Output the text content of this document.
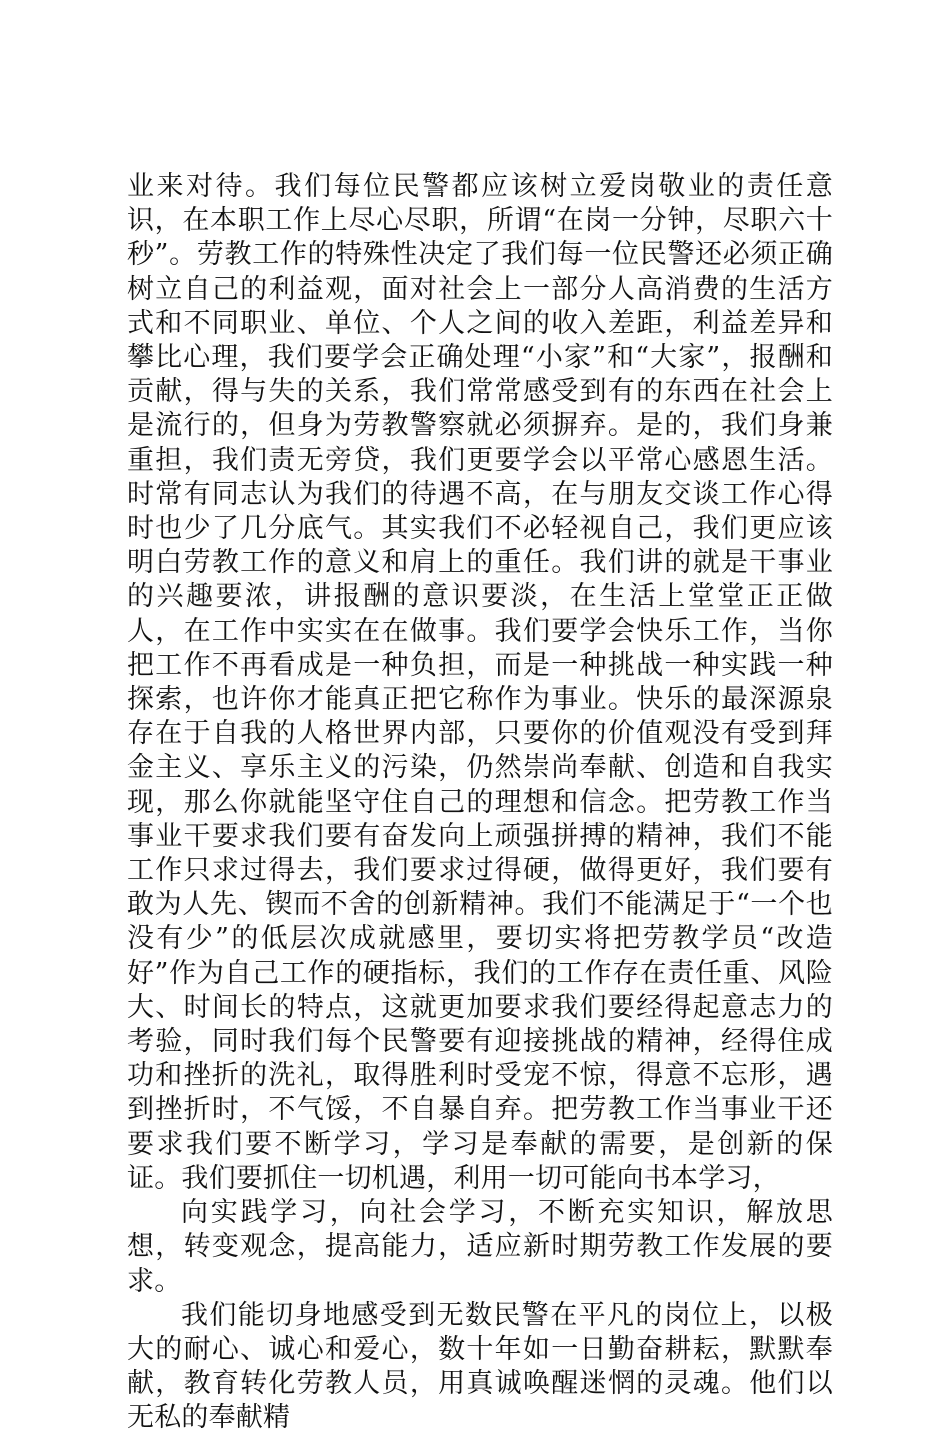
业来对待。我们每位民警都应该树立爱岗敬业的责任意识，在本职工作上尽心尽职，所谓“在岗一分钟，尽职六十秒”。劳教工作的特殊性决定了我们每一位民警还必须正确树立自己的利益观，面对社会上一部分人高消费的生活方式和不同职业、单位、个人之间的收入差距，利益差异和攀比心理，我们要学会正确处理“小家”和“大家”，报酬和贡献，得与失的关系，我们常常感受到有的东西在社会上是流行的，但身为劳教警察就必须摒弃。是的，我们身兼重担，我们责无旁贷，我们更要学会以平常心感恩生活。时常有同志认为我们的待遇不高，在与朋友交谈工作心得时也少了几分底气。其实我们不必轻视自己，我们更应该明白劳教工作的意义和肩上的重任。我们讲的就是干事业的兴趣要浓，讲报酬的意识要淡，在生活上堂堂正正做人，在工作中实实在在做事。我们要学会快乐工作，当你把工作不再看成是一种负担，而是一种挑战一种实践一种探索，也许你才能真正把它称作为事业。快乐的最深源泉存在于自我的人格世界内部，只要你的价值观没有受到拜金主义、享乐主义的污染，仍然崇尚奉献、创造和自我实现，那么你就能坚守住自己的理想和信念。把劳教工作当事业干要求我们要有奋发向上顽强拼搏的精神，我们不能工作只求过得去，我们要求过得硬，做得更好，我们要有敢为人先、锲而不舍的创新精神。我们不能满足于“一个也没有少”的低层次成就感里，要切实将把劳教学员“改造好”作为自己工作的硬指标，我们的工作存在责任重、风险大、时间长的特点，这就更加要求我们要经得起意志力的考验，同时我们每个民警要有迎接挑战的精神，经得住成功和挫折的洗礼，取得胜利时受宠不惊，得意不忘形，遇到挫折时，不气馁，不自暴自弃。把劳教工作当事业干还要求我们要不断学习，学习是奉献的需要，是创新的保证。我们要抓住一切机遇，利用一切可能向书本学习，

向实践学习，向社会学习，不断充实知识，解放思想，转变观念，提高能力，适应新时期劳教工作发展的要求。

我们能切身地感受到无数民警在平凡的岗位上，以极大的耐心、诚心和爱心，数十年如一日勤奋耕耘，默默奉献，教育转化劳教人员，用真诚唤醒迷惘的灵魂。他们以无私的奉献精
